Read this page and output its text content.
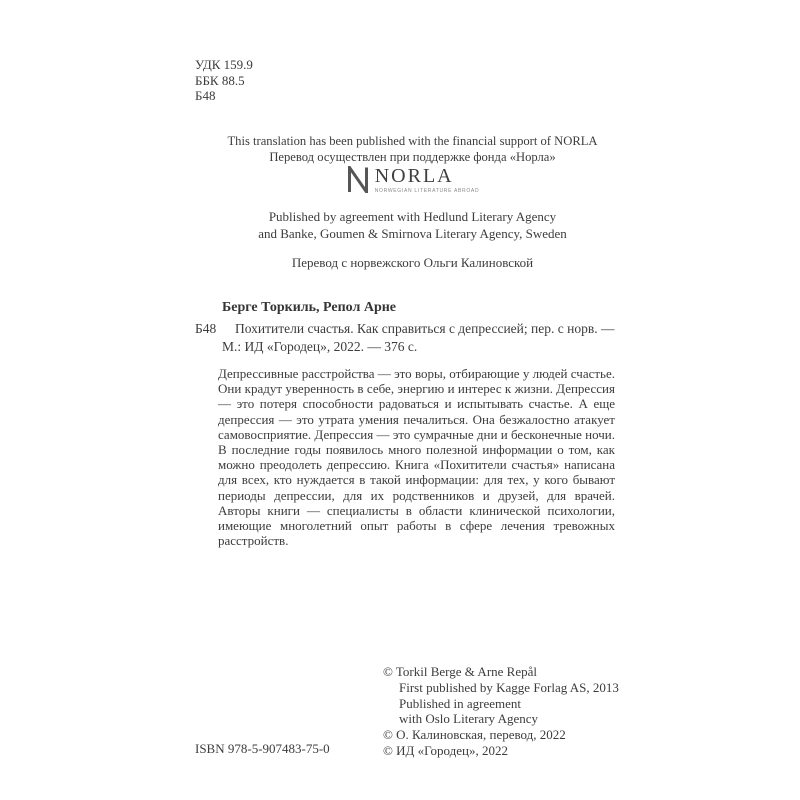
УДК 159.9
ББК 88.5
Б48
This translation has been published with the financial support of NORLA
Перевод осуществлен при поддержке фонда «Норла»
NORLA
NORWEGIAN LITERATURE ABROAD
Published by agreement with Hedlund Literary Agency
and Banke, Goumen & Smirnova Literary Agency, Sweden
Перевод с норвежского Ольги Калиновской
Берге Торкиль, Репол Арне
Б48 Похитители счастья. Как справиться с депрессией; пер. с норв. —
М.: ИД «Городец», 2022. — 376 с.
Депрессивные расстройства — это воры, отбирающие у людей счастье. Они крадут уверенность в себе, энергию и интерес к жизни. Депрессия — это потеря способности радоваться и испытывать счастье. А еще депрессия — это утрата умения печалиться. Она безжалостно атакует самовосприятие. Депрессия — это сумрачные дни и бесконечные ночи. В последние годы появилось много полезной информации о том, как можно преодолеть депрессию. Книга «Похитители счастья» написана для всех, кто нуждается в такой информации: для тех, у кого бывают периоды депрессии, для их родственников и друзей, для врачей. Авторы книги — специалисты в области клинической психологии, имеющие многолетний опыт работы в сфере лечения тревожных расстройств.
ISBN 978-5-907483-75-0
© Torkil Berge & Arne Repål
First published by Kagge Forlag AS, 2013
Published in agreement
with Oslo Literary Agency
© О. Калиновская, перевод, 2022
© ИД «Городец», 2022
